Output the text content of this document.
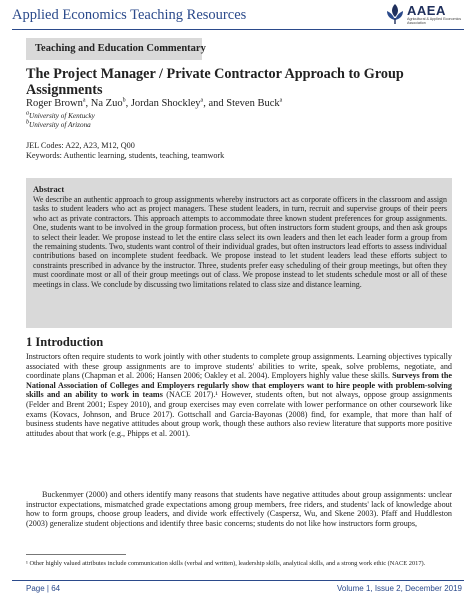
Applied Economics Teaching Resources	AAEA
Agricultural & Applied Economics Association
Teaching and Education Commentary
The Project Manager / Private Contractor Approach to Group Assignments
Roger Brown$^a$, Na Zuo$^b$, Jordan Shockley$^a$, and Steven Buck$^a$
$^a$University of Kentucky
$^b$University of Arizona
JEL Codes: A22, A23, M12, Q00
Keywords: Authentic learning, students, teaching, teamwork
Abstract
We describe an authentic approach to group assignments whereby instructors act as corporate officers in the classroom and assign tasks to student leaders who act as project managers. These student leaders, in turn, recruit and supervise groups of their peers who act as private contractors. This approach attempts to accommodate three known student preferences for group assignments. One, students want to be involved in the group formation process, but often instructors form student groups, and then ask groups to select their leader. We propose instead to let the entire class select its own leaders and then let each leader form a group from the remaining students. Two, students want control of their individual grades, but often instructors lead efforts to assess individual contributions based on incomplete student feedback. We propose instead to let student leaders lead these efforts subject to constraints prescribed in advance by the instructor. Three, students prefer easy scheduling of their group meetings, but often they must coordinate most or all of their group meetings out of class. We propose instead to let students schedule most or all of these meetings in class. We conclude by discussing two limitations related to class size and distance learning.
1 Introduction
Instructors often require students to work jointly with other students to complete group assignments. Learning objectives typically associated with these group assignments are to improve students' abilities to write, speak, solve problems, negotiate, and coordinate plans (Chapman et al. 2006; Hansen 2006; Oakley et al. 2004). Employers highly value these skills. Surveys from the National Association of Colleges and Employers regularly show that employers want to hire people with problem-solving skills and an ability to work in teams (NACE 2017).¹ However, students often, but not always, oppose group assignments (Felder and Brent 2001; Espey 2010), and group exercises may even correlate with lower performance on other coursework like exams (Kovacs, Johnson, and Bruce 2017). Gottschall and Garcia-Bayonas (2008) find, for example, that more than half of business students have negative attitudes about group work, though these authors also review literature that supports more positive attitudes about that work (e.g., Phipps et al. 2001).
Buckenmyer (2000) and others identify many reasons that students have negative attitudes about group assignments: unclear instructor expectations, mismatched grade expectations among group members, free riders, and students' lack of knowledge about how to form groups, choose group leaders, and divide work effectively (Caspersz, Wu, and Skene 2003). Pfaff and Huddleston (2003) generalize student objections and identify three basic concerns; students do not like how instructors form groups,
¹ Other highly valued attributes include communication skills (verbal and written), leadership skills, analytical skills, and a strong work ethic (NACE 2017).
Page | 64	Volume 1, Issue 2, December 2019
